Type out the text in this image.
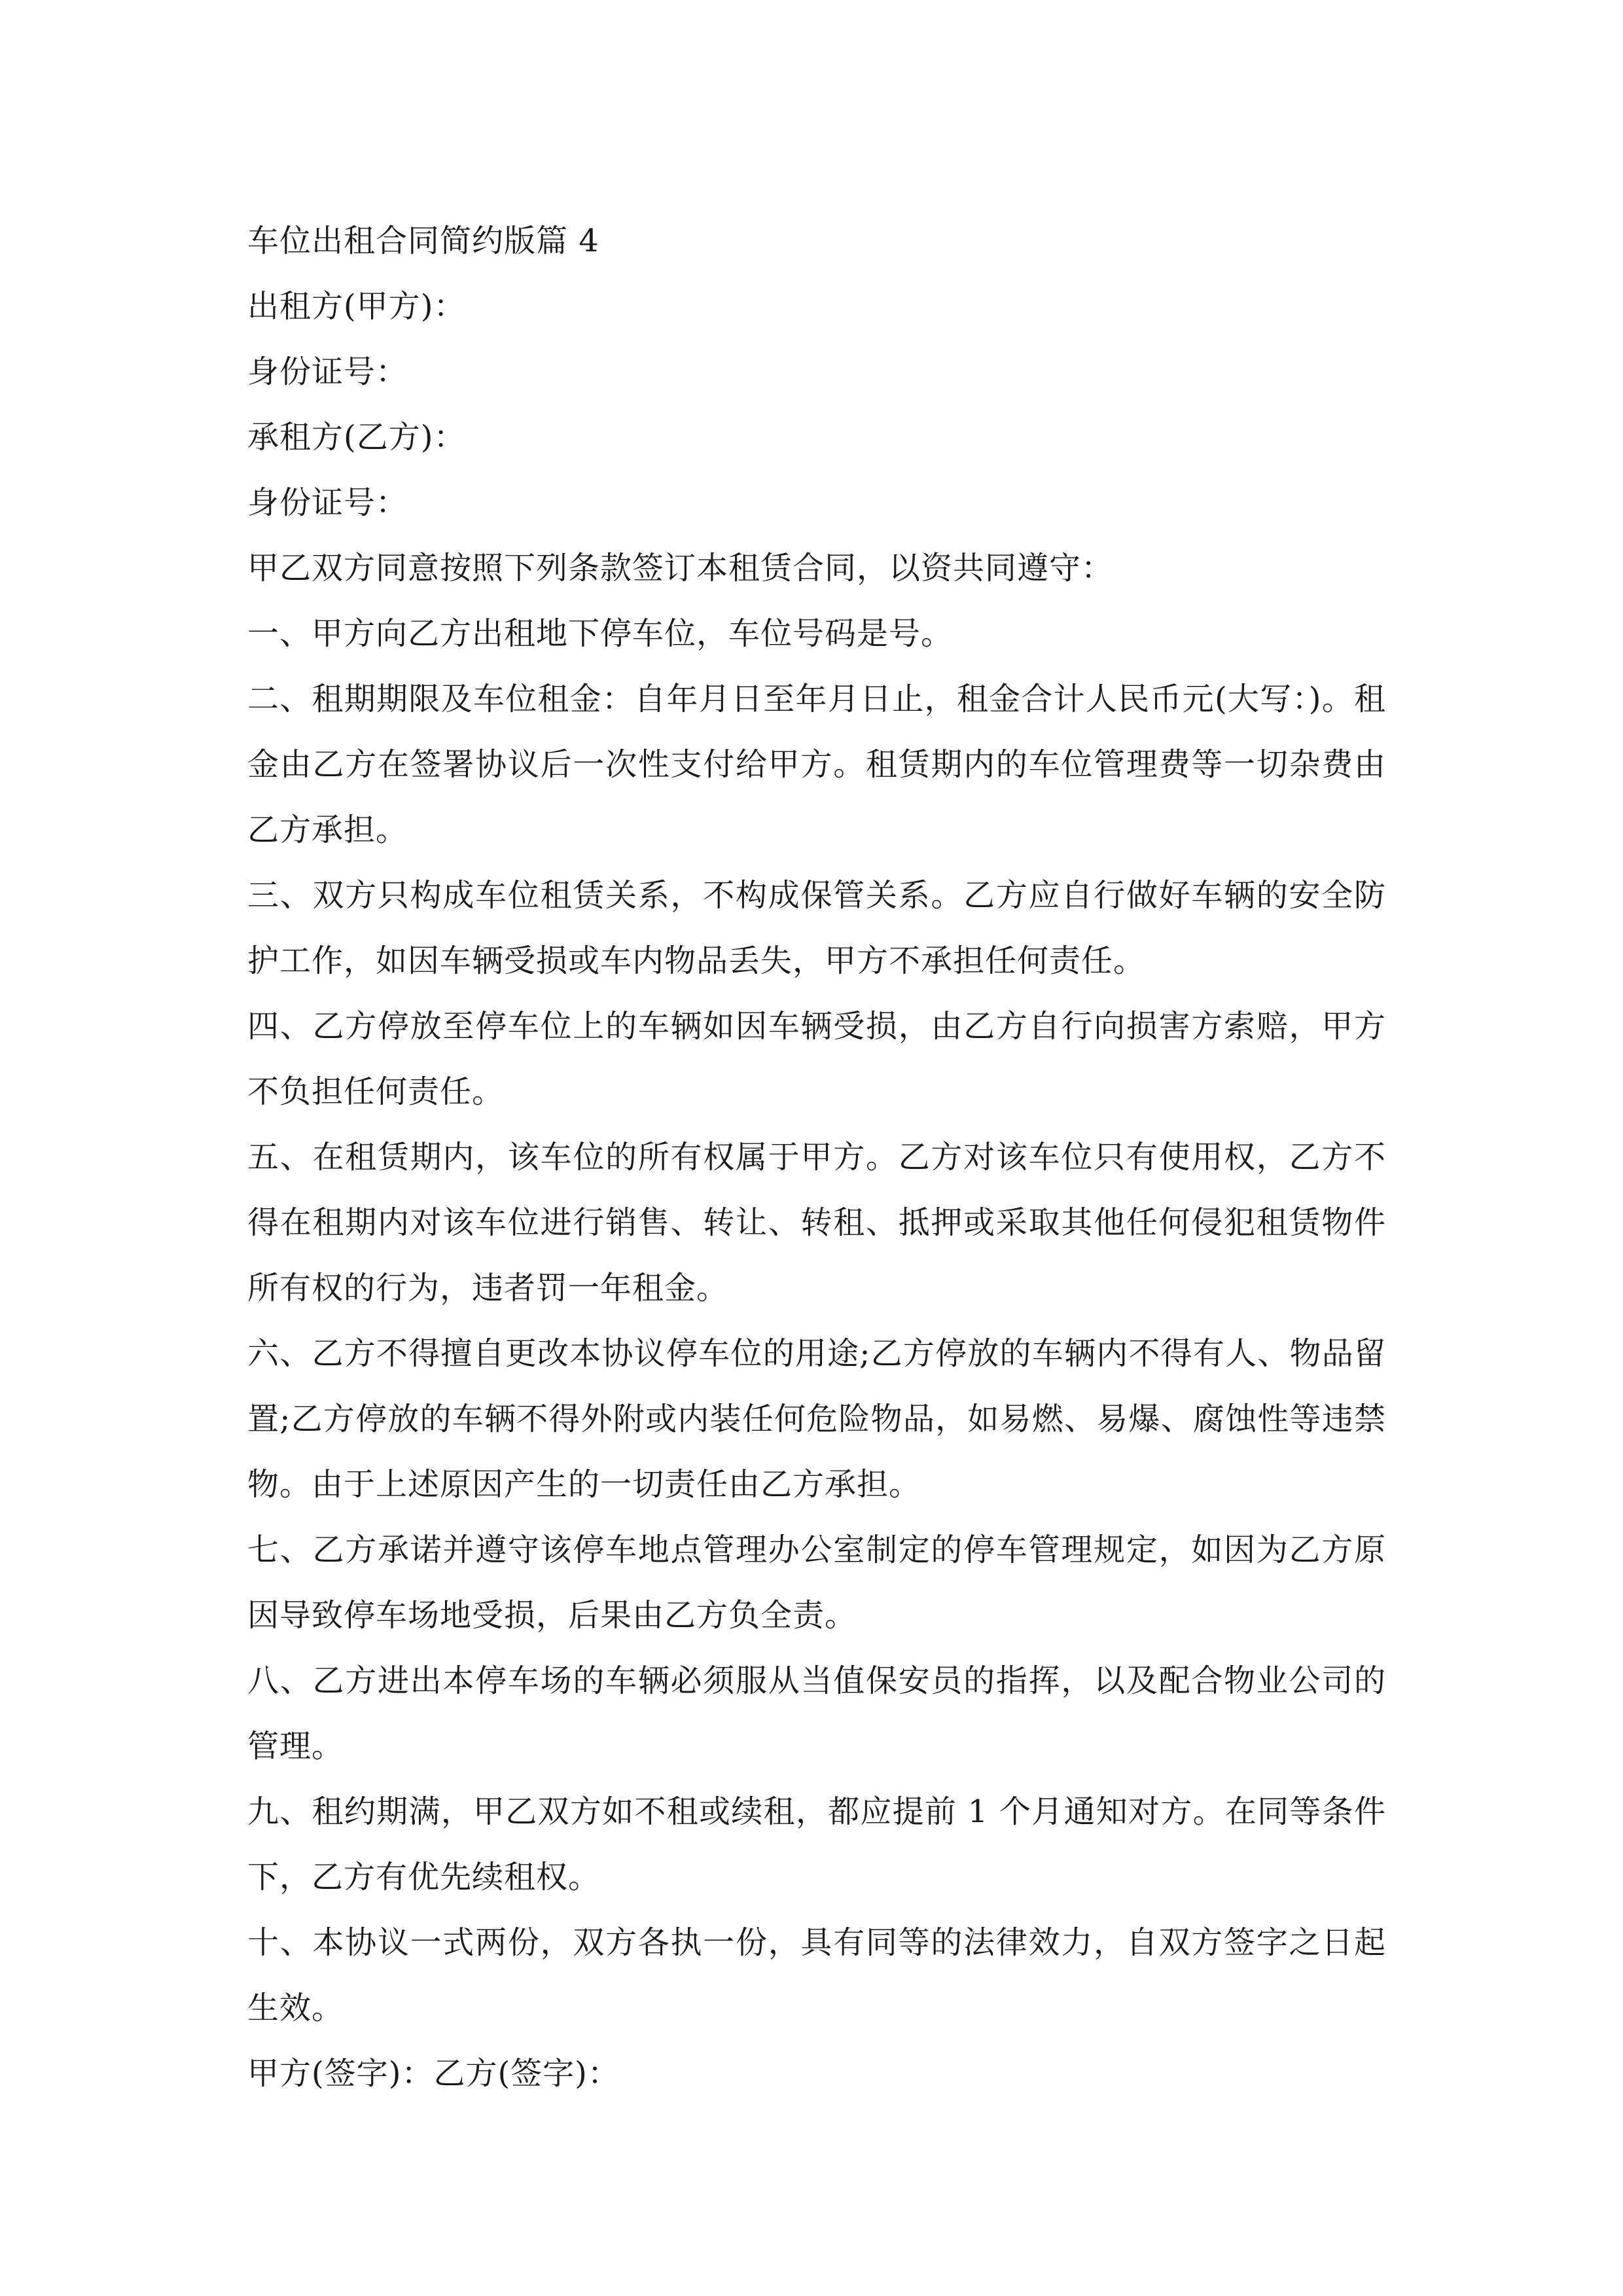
车位出租合同简约版篇 4

出租方(甲方)：

身份证号：

承租方(乙方)：

身份证号：

甲乙双方同意按照下列条款签订本租赁合同，以资共同遵守：

一、甲方向乙方出租地下停车位，车位号码是号。

二、租期期限及车位租金：自年月日至年月日止，租金合计人民币元(大写：)。租金由乙方在签署协议后一次性支付给甲方。租赁期内的车位管理费等一切杂费由乙方承担。

三、双方只构成车位租赁关系，不构成保管关系。乙方应自行做好车辆的安全防护工作，如因车辆受损或车内物品丢失，甲方不承担任何责任。

四、乙方停放至停车位上的车辆如因车辆受损，由乙方自行向损害方索赔，甲方不负担任何责任。

五、在租赁期内，该车位的所有权属于甲方。乙方对该车位只有使用权，乙方不得在租期内对该车位进行销售、转让、转租、抵押或采取其他任何侵犯租赁物件所有权的行为，违者罚一年租金。

六、乙方不得擅自更改本协议停车位的用途;乙方停放的车辆内不得有人、物品留置;乙方停放的车辆不得外附或内装任何危险物品，如易燃、易爆、腐蚀性等违禁物。由于上述原因产生的一切责任由乙方承担。

七、乙方承诺并遵守该停车地点管理办公室制定的停车管理规定，如因为乙方原因导致停车场地受损，后果由乙方负全责。

八、乙方进出本停车场的车辆必须服从当值保安员的指挥，以及配合物业公司的管理。

九、租约期满，甲乙双方如不租或续租，都应提前 1 个月通知对方。在同等条件下，乙方有优先续租权。

十、本协议一式两份，双方各执一份，具有同等的法律效力，自双方签字之日起生效。

甲方(签字)：乙方(签字)：
